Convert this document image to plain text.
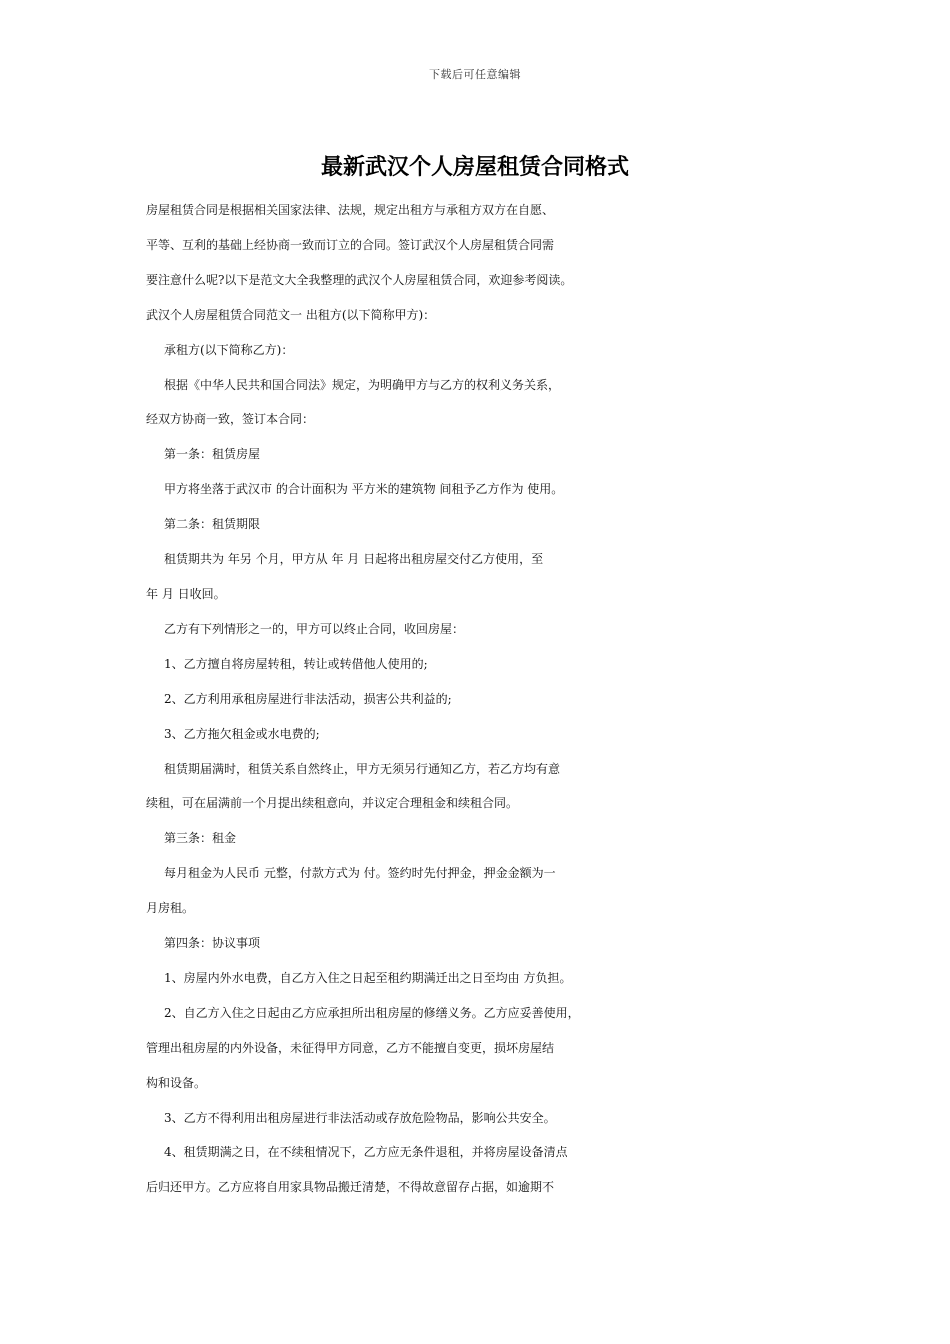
下载后可任意编辑
最新武汉个人房屋租赁合同格式

房屋租赁合同是根据相关国家法律、法规，规定出租方与承租方双方在自愿、

平等、互利的基础上经协商一致而订立的合同。签订武汉个人房屋租赁合同需

要注意什么呢?以下是范文大全我整理的武汉个人房屋租赁合同，欢迎参考阅读。

武汉个人房屋租赁合同范文一 出租方(以下简称甲方)：

承租方(以下简称乙方)：

根据《中华人民共和国合同法》规定，为明确甲方与乙方的权利义务关系，

经双方协商一致，签订本合同：

第一条：租赁房屋

甲方将坐落于武汉市 的合计面积为 平方米的建筑物 间租予乙方作为 使用。

第二条：租赁期限

租赁期共为 年另 个月，甲方从 年 月 日起将出租房屋交付乙方使用，至

年 月 日收回。

乙方有下列情形之一的，甲方可以终止合同，收回房屋：

1、乙方擅自将房屋转租，转让或转借他人使用的;

2、乙方利用承租房屋进行非法活动，损害公共利益的;

3、乙方拖欠租金或水电费的;

租赁期届满时，租赁关系自然终止，甲方无须另行通知乙方，若乙方均有意

续租，可在届满前一个月提出续租意向，并议定合理租金和续租合同。

第三条：租金

每月租金为人民币 元整，付款方式为 付。签约时先付押金，押金金额为一

月房租。

第四条：协议事项

1、房屋内外水电费，自乙方入住之日起至租约期满迁出之日至均由 方负担。

2、自乙方入住之日起由乙方应承担所出租房屋的修缮义务。乙方应妥善使用，

管理出租房屋的内外设备，未征得甲方同意，乙方不能擅自变更，损坏房屋结

构和设备。

3、乙方不得利用出租房屋进行非法活动或存放危险物品，影响公共安全。

4、租赁期满之日，在不续租情况下，乙方应无条件退租，并将房屋设备清点

后归还甲方。乙方应将自用家具物品搬迁清楚，不得故意留存占据，如逾期不
